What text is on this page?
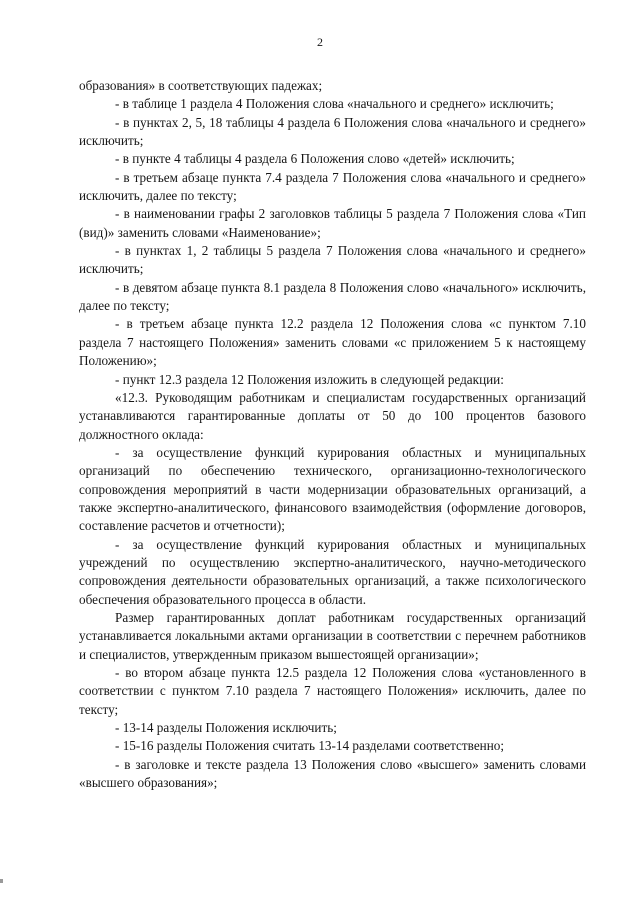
2

образования» в соответствующих падежах;

- в таблице 1 раздела 4 Положения слова «начального и среднего» исключить;

- в пунктах 2, 5, 18 таблицы 4 раздела 6 Положения слова «начального и среднего» исключить;

- в пункте 4 таблицы 4 раздела 6 Положения слово «детей» исключить;

- в третьем абзаце пункта 7.4 раздела 7 Положения слова «начального и среднего» исключить, далее по тексту;

- в наименовании графы 2 заголовков таблицы 5 раздела 7 Положения слова «Тип (вид)» заменить словами «Наименование»;

- в пунктах 1, 2 таблицы 5 раздела 7 Положения слова «начального и среднего» исключить;

- в девятом абзаце пункта 8.1 раздела 8 Положения слово «начального» исключить, далее по тексту;

- в третьем абзаце пункта 12.2 раздела 12 Положения слова «с пунктом 7.10 раздела 7 настоящего Положения» заменить словами «с приложением 5 к настоящему Положению»;

- пункт 12.3 раздела 12 Положения изложить в следующей редакции:

«12.3. Руководящим работникам и специалистам государственных организаций устанавливаются гарантированные доплаты от 50 до 100 процентов базового должностного оклада:

- за осуществление функций курирования областных и муниципальных организаций по обеспечению технического, организационно-технологического сопровождения мероприятий в части модернизации образовательных организаций, а также экспертно-аналитического, финансового взаимодействия (оформление договоров, составление расчетов и отчетности);

- за осуществление функций курирования областных и муниципальных учреждений по осуществлению экспертно-аналитического, научно-методического сопровождения деятельности образовательных организаций, а также психологического обеспечения образовательного процесса в области.

Размер гарантированных доплат работникам государственных организаций устанавливается локальными актами организации в соответствии с перечнем работников и специалистов, утвержденным приказом вышестоящей организации»;

- во втором абзаце пункта 12.5 раздела 12 Положения слова «установленного в соответствии с пунктом 7.10 раздела 7 настоящего Положения» исключить, далее по тексту;

- 13-14 разделы Положения исключить;

- 15-16 разделы Положения считать 13-14 разделами соответственно;

- в заголовке и тексте раздела 13 Положения слово «высшего» заменить словами «высшего образования»;
